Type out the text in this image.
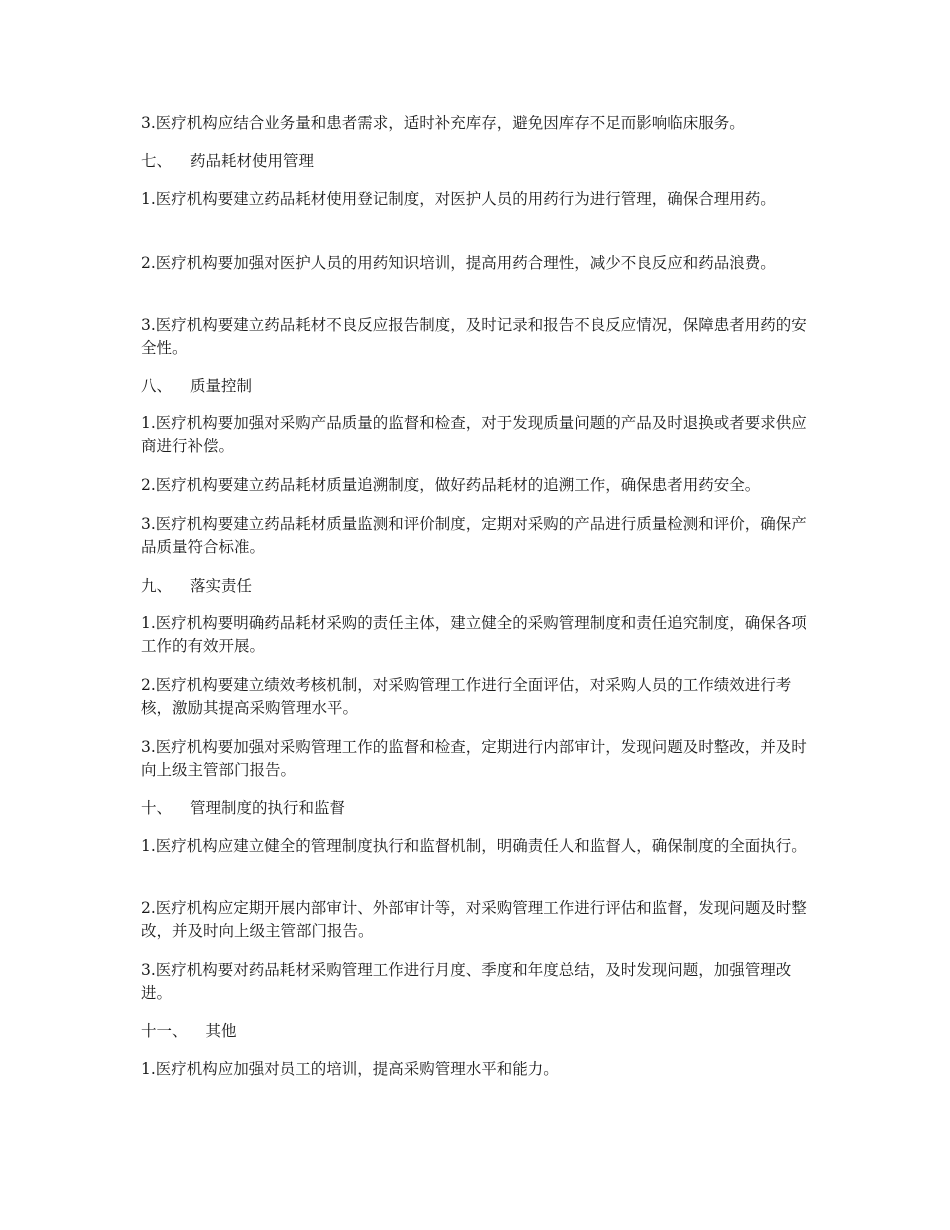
3.医疗机构应结合业务量和患者需求，适时补充库存，避免因库存不足而影响临床服务。
七、 药品耗材使用管理
1.医疗机构要建立药品耗材使用登记制度，对医护人员的用药行为进行管理，确保合理用药。
2.医疗机构要加强对医护人员的用药知识培训，提高用药合理性，减少不良反应和药品浪费。
3.医疗机构要建立药品耗材不良反应报告制度，及时记录和报告不良反应情况，保障患者用药的安全性。
八、 质量控制
1.医疗机构要加强对采购产品质量的监督和检查，对于发现质量问题的产品及时退换或者要求供应商进行补偿。
2.医疗机构要建立药品耗材质量追溯制度，做好药品耗材的追溯工作，确保患者用药安全。
3.医疗机构要建立药品耗材质量监测和评价制度，定期对采购的产品进行质量检测和评价，确保产品质量符合标准。
九、 落实责任
1.医疗机构要明确药品耗材采购的责任主体，建立健全的采购管理制度和责任追究制度，确保各项工作的有效开展。
2.医疗机构要建立绩效考核机制，对采购管理工作进行全面评估，对采购人员的工作绩效进行考核，激励其提高采购管理水平。
3.医疗机构要加强对采购管理工作的监督和检查，定期进行内部审计，发现问题及时整改，并及时向上级主管部门报告。
十、 管理制度的执行和监督
1.医疗机构应建立健全的管理制度执行和监督机制，明确责任人和监督人，确保制度的全面执行。
2.医疗机构应定期开展内部审计、外部审计等，对采购管理工作进行评估和监督，发现问题及时整改，并及时向上级主管部门报告。
3.医疗机构要对药品耗材采购管理工作进行月度、季度和年度总结，及时发现问题，加强管理改进。
十一、 其他
1.医疗机构应加强对员工的培训，提高采购管理水平和能力。
